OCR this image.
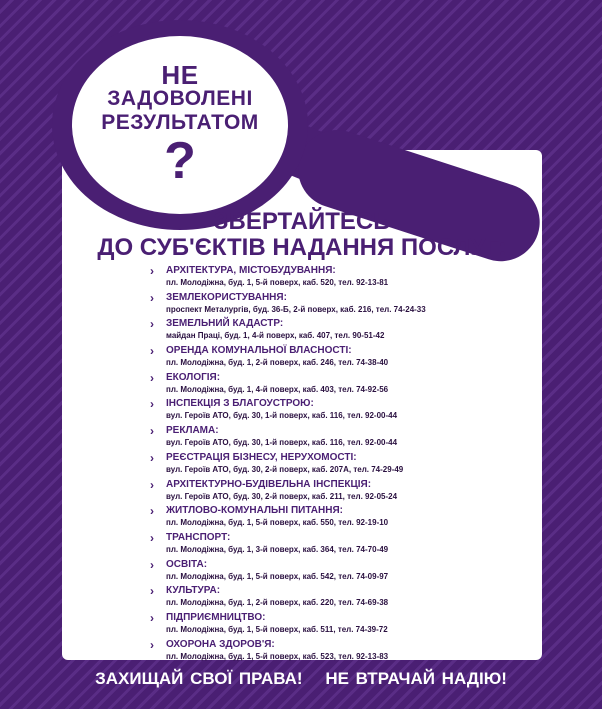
НЕ
ЗАДОВОЛЕНІ
РЕЗУЛЬТАТОМ
?
ЗВЕРТАЙТЕСЬ
ДО СУБ'ЄКТІВ НАДАННЯ ПОСЛУГ:
› АРХІТЕКТУРА, МІСТОБУДУВАННЯ:
пл. Молодіжна, буд. 1, 5-й поверх, каб. 520, тел. 92-13-81
› ЗЕМЛЕКОРИСТУВАННЯ:
проспект Металургів, буд. 36-Б, 2-й поверх, каб. 216, тел. 74-24-33
› ЗЕМЕЛЬНИЙ КАДАСТР:
майдан Праці, буд. 1, 4-й поверх, каб. 407, тел. 90-51-42
› ОРЕНДА КОМУНАЛЬНОЇ ВЛАСНОСТІ:
пл. Молодіжна, буд. 1, 2-й поверх, каб. 246, тел. 74-38-40
› ЕКОЛОГІЯ:
пл. Молодіжна, буд. 1, 4-й поверх, каб. 403, тел. 74-92-56
› ІНСПЕКЦІЯ З БЛАГОУСТРОЮ:
вул. Героїв АТО, буд. 30, 1-й поверх, каб. 116, тел. 92-00-44
› РЕКЛАМА:
вул. Героїв АТО, буд. 30, 1-й поверх, каб. 116, тел. 92-00-44
› РЕЄСТРАЦІЯ БІЗНЕСУ, НЕРУХОМОСТІ:
вул. Героїв АТО, буд. 30, 2-й поверх, каб. 207А, тел. 74-29-49
› АРХІТЕКТУРНО-БУДІВЕЛЬНА ІНСПЕКЦІЯ:
вул. Героїв АТО, буд. 30, 2-й поверх, каб. 211, тел. 92-05-24
› ЖИТЛОВО-КОМУНАЛЬНІ ПИТАННЯ:
пл. Молодіжна, буд. 1, 5-й поверх, каб. 550, тел. 92-19-10
› ТРАНСПОРТ:
пл. Молодіжна, буд. 1, 3-й поверх, каб. 364, тел. 74-70-49
› ОСВІТА:
пл. Молодіжна, буд. 1, 5-й поверх, каб. 542, тел. 74-09-97
› КУЛЬТУРА:
пл. Молодіжна, буд. 1, 2-й поверх, каб. 220, тел. 74-69-38
› ПІДПРИЄМНИЦТВО:
пл. Молодіжна, буд. 1, 5-й поверх, каб. 511, тел. 74-39-72
› ОХОРОНА ЗДОРОВ'Я:
пл. Молодіжна, буд. 1, 5-й поверх, каб. 523, тел. 92-13-83
ЗАХИЩАЙ СВОЇ ПРАВА! НЕ ВТРАЧАЙ НАДІЮ!
